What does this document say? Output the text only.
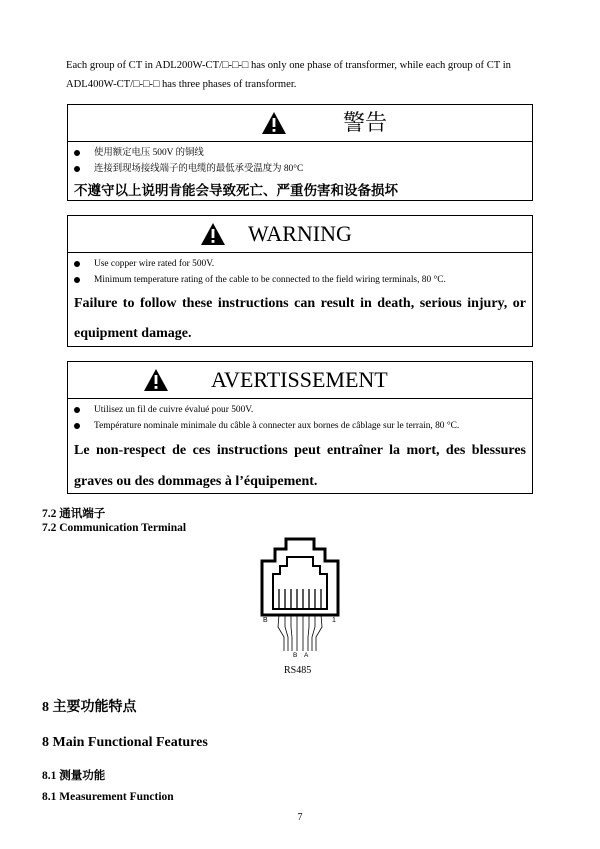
Each group of CT in ADL200W-CT/□-□-□ has only one phase of transformer, while each group of CT in ADL400W-CT/□-□-□ has three phases of transformer.
警告
使用额定电压 500V 的铜线
连接到现场接线端子的电缆的最低承受温度为 80°C
不遵守以上说明肯能会导致死亡、严重伤害和设备损坏
WARNING
Use copper wire rated for 500V.
Minimum temperature rating of the cable to be connected to the field wiring terminals, 80 °C.
Failure to follow these instructions can result in death, serious injury, or equipment damage.
AVERTISSEMENT
Utilisez un fil de cuivre évalué pour 500V.
Température nominale minimale du câble à connecter aux bornes de câblage sur le terrain, 80 °C.
Le non-respect de ces instructions peut entraîner la mort, des blessures graves ou des dommages à l’équipement.
7.2 通讯端子
7.2 Communication Terminal
B	1
B A
RS485
8 主要功能特点
8 Main Functional Features
8.1 测量功能
8.1 Measurement Function
7
